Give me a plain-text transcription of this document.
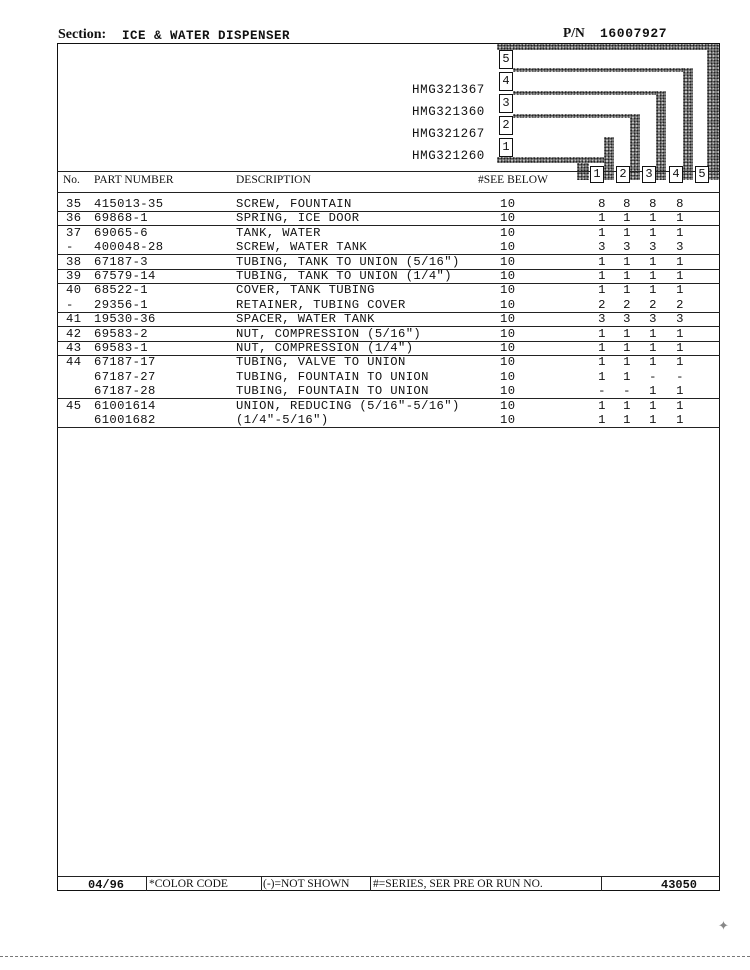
Section: ICE & WATER DISPENSER	P/N 16007927
5
4
3
2
1
HMG321367
HMG321360
HMG321267
HMG321260
No. PART NUMBER	DESCRIPTION	#SEE BELOW	1 2 3 4 5
35 415013-35	SCREW, FOUNTAIN	10	8 8 8 8
36 69868-1	SPRING, ICE DOOR	10	1 1 1 1
37 69065-6	TANK, WATER	10	1 1 1 1
- 400048-28	SCREW, WATER TANK	10	3 3 3 3
38 67187-3	TUBING, TANK TO UNION (5/16")	10	1 1 1 1
39 67579-14	TUBING, TANK TO UNION (1/4")	10	1 1 1 1
40 68522-1	COVER, TANK TUBING	10	1 1 1 1
- 29356-1	RETAINER, TUBING COVER	10	2 2 2 2
41 19530-36	SPACER, WATER TANK	10	3 3 3 3
42 69583-2	NUT, COMPRESSION (5/16")	10	1 1 1 1
43 69583-1	NUT, COMPRESSION (1/4")	10	1 1 1 1
44 67187-17	TUBING, VALVE TO UNION	10	1 1 1 1
67187-27	TUBING, FOUNTAIN TO UNION	10	1 1 - -
67187-28	TUBING, FOUNTAIN TO UNION	10	- - 1 1
45 61001614	UNION, REDUCING (5/16"-5/16")	10	1 1 1 1
61001682	(1/4"-5/16")	10	1 1 1 1
04/96 *COLOR CODE	(-)=NOT SHOWN #=SERIES, SER PRE OR RUN NO.	43050
✦
